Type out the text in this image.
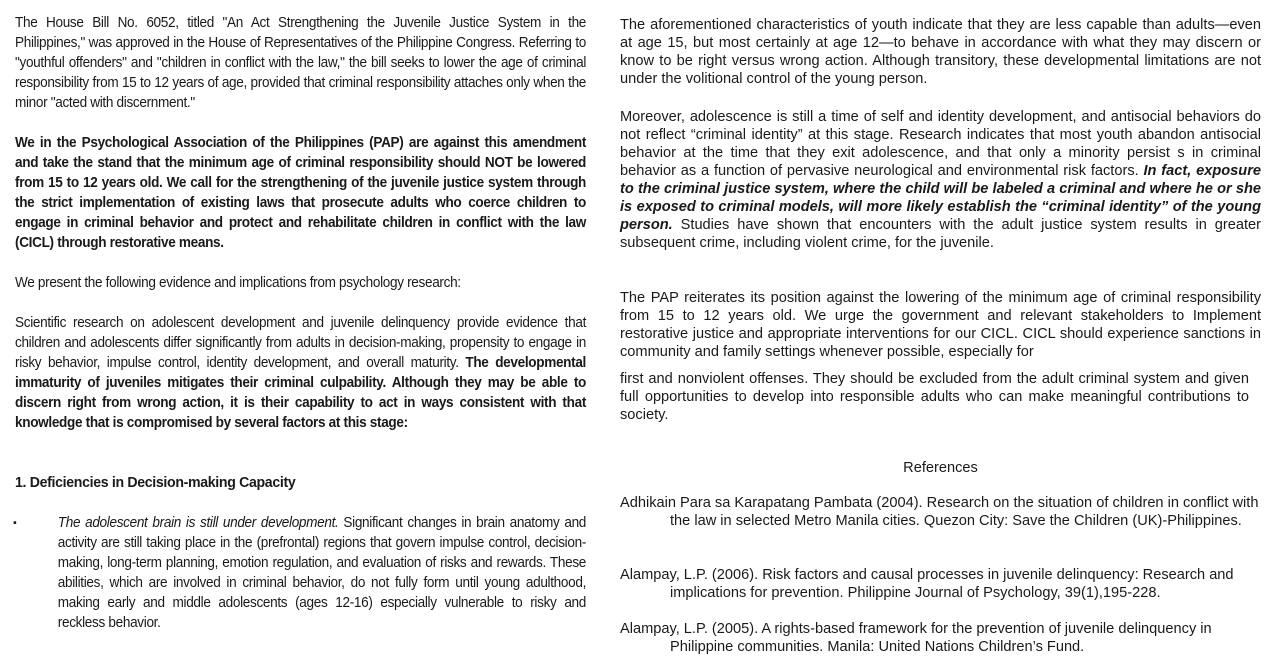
The House Bill No. 6052, titled "An Act Strengthening the Juvenile Justice System in the Philippines," was approved in the House of Representatives of the Philippine Congress. Referring to "youthful offenders" and "children in conflict with the law," the bill seeks to lower the age of criminal responsibility from 15 to 12 years of age, provided that criminal responsibility attaches only when the minor "acted with discernment."

We in the Psychological Association of the Philippines (PAP) are against this amendment and take the stand that the minimum age of criminal responsibility should NOT be lowered from 15 to 12 years old. We call for the strengthening of the juvenile justice system through the strict implementation of existing laws that prosecute adults who coerce children to engage in criminal behavior and protect and rehabilitate children in conflict with the law (CICL) through restorative means.

We present the following evidence and implications from psychology research:

Scientific research on adolescent development and juvenile delinquency provide evidence that children and adolescents differ significantly from adults in decision-making, propensity to engage in risky behavior, impulse control, identity development, and overall maturity. The developmental immaturity of juveniles mitigates their criminal culpability. Although they may be able to discern right from wrong action, it is their capability to act in ways consistent with that knowledge that is compromised by several factors at this stage:

1. Deficiencies in Decision-making Capacity

▪	The adolescent brain is still under development. Significant changes in brain anatomy and activity are still taking place in the (prefrontal) regions that govern impulse control, decision-making, long-term planning, emotion regulation, and evaluation of risks and rewards. These abilities, which are involved in criminal behavior, do not fully form until young adulthood, making early and middle adolescents (ages 12-16) especially vulnerable to risky and reckless behavior.

The aforementioned characteristics of youth indicate that they are less capable than adults—even at age 15, but most certainly at age 12—to behave in accordance with what they may discern or know to be right versus wrong action. Although transitory, these developmental limitations are not under the volitional control of the young person.

Moreover, adolescence is still a time of self and identity development, and antisocial behaviors do not reflect “criminal identity” at this stage. Research indicates that most youth abandon antisocial behavior at the time that they exit adolescence, and that only a minority persist s in criminal behavior as a function of pervasive neurological and environmental risk factors. In fact, exposure to the criminal justice system, where the child will be labeled a criminal and where he or she is exposed to criminal models, will more likely establish the “criminal identity” of the young person. Studies have shown that encounters with the adult justice system results in greater subsequent crime, including violent crime, for the juvenile.

The PAP reiterates its position against the lowering of the minimum age of criminal responsibility from 15 to 12 years old. We urge the government and relevant stakeholders to Implement restorative justice and appropriate interventions for our CICL. CICL should experience sanctions in community and family settings whenever possible, especially for

first and nonviolent offenses. They should be excluded from the adult criminal system and given full opportunities to develop into responsible adults who can make meaningful contributions to society.

References

Adhikain Para sa Karapatang Pambata (2004). Research on the situation of children in conflict with the law in selected Metro Manila cities. Quezon City: Save the Children (UK)-Philippines.

Alampay, L.P. (2006). Risk factors and causal processes in juvenile delinquency: Research and implications for prevention. Philippine Journal of Psychology, 39(1),195-228.

Alampay, L.P. (2005). A rights-based framework for the prevention of juvenile delinquency in Philippine communities. Manila: United Nations Children’s Fund.
